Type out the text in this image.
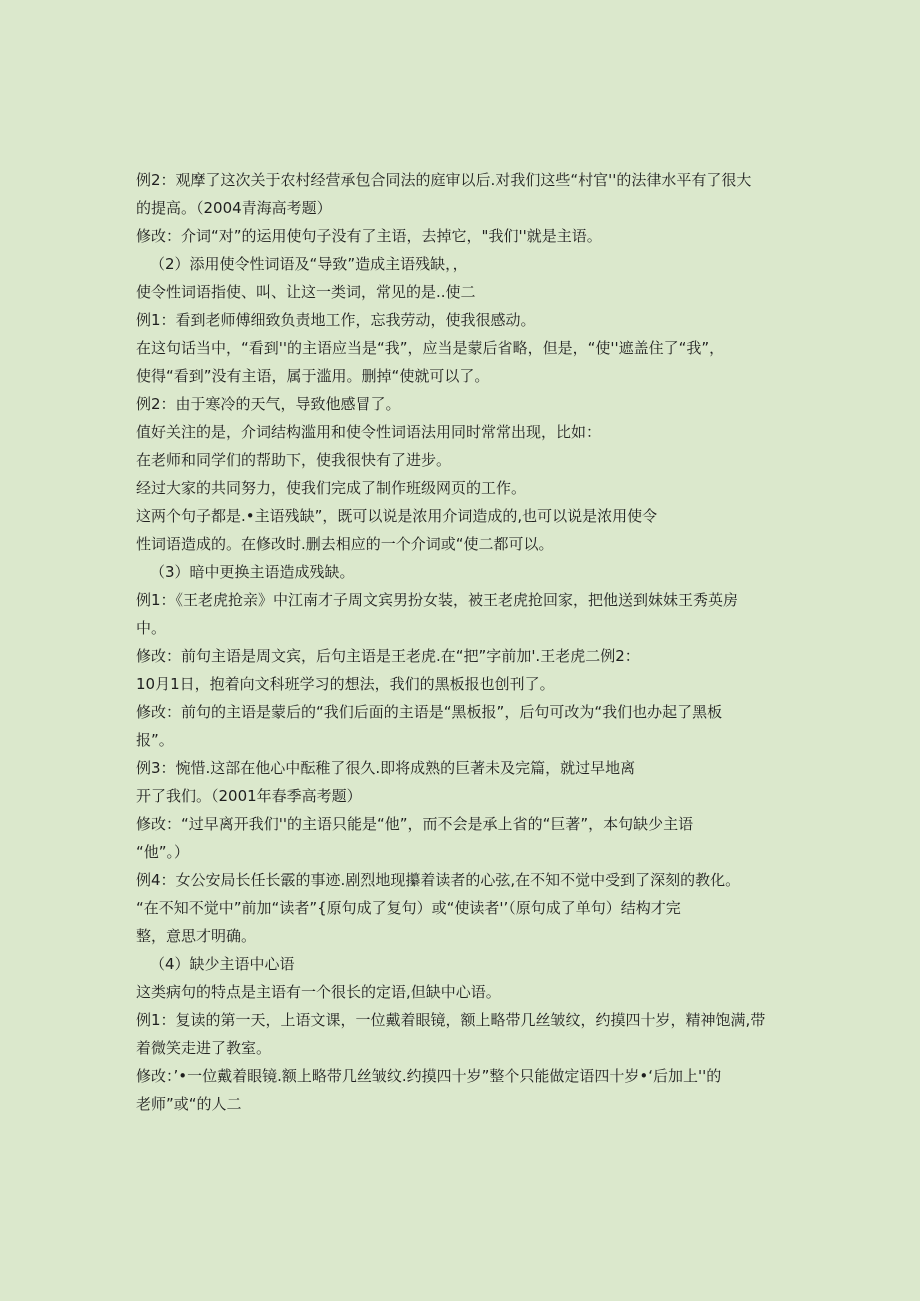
例2：观摩了这次关于农村经营承包合同法的庭审以后.对我们这些“村官''的法律水平有了很大
的提高。（2004青海高考题）
修改：介词“对”的运用使句子没有了主语，去掉它，"我们''就是主语。
（2）添用使令性词语及“导致”造成主语残缺，，
使令性词语指使、叫、让这一类词，常见的是..使二
例1：看到老师傅细致负责地工作，忘我劳动，使我很感动。
在这句话当中，“看到''的主语应当是“我”，应当是蒙后省略，但是，“使''遮盖住了“我”，
使得“看到”没有主语，属于滥用。删掉“使就可以了。
例2：由于寒冷的天气，导致他感冒了。
值好关注的是，介词结构滥用和使令性词语法用同时常常出现，比如：
在老师和同学们的帮助下，使我很快有了进步。
经过大家的共同努力，使我们完成了制作班级网页的工作。
这两个句子都是.•主语残缺”，既可以说是浓用介词造成的,也可以说是浓用使令
性词语造成的。在修改时.删去相应的一个介词或“使二都可以。
（3）暗中更换主语造成残缺。
例1：《王老虎抢亲》中江南才子周文宾男扮女装，被王老虎抢回家，把他送到妹妹王秀英房
中。
修改：前句主语是周文宾，后句主语是王老虎.在“把”字前加'.王老虎二例2：
10月1日，抱着向文科班学习的想法，我们的黑板报也创刊了。
修改：前句的主语是蒙后的“我们后面的主语是“黑板报”，后句可改为“我们也办起了黑板
报”。
例3：惋惜.这部在他心中酝稚了很久.即将成熟的巨著未及完篇，就过早地离
开了我们。（2001年春季高考题）
修改：“过早离开我们''的主语只能是“他”，而不会是承上省的“巨著”，本句缺少主语
“他”。）
例4：女公安局长任长霰的事迹.剧烈地现攥着读者的心弦,在不知不觉中受到了深刻的教化。
“在不知不觉中”前加“读者”{原句成了复句）或“使读者'’（原句成了单句）结构才完
整，意思才明确。
（4）缺少主语中心语
这类病句的特点是主语有一个很长的定语,但缺中心语。
例1：复读的第一天，上语文课，一位戴着眼镜，额上略带几丝皱纹，约摸四十岁，精神饱满,带
着微笑走进了教室。
修改：’•一位戴着眼镜.额上略带几丝皱纹.约摸四十岁”整个只能做定语四十岁•‘后加上''的
老师”或“的人二
